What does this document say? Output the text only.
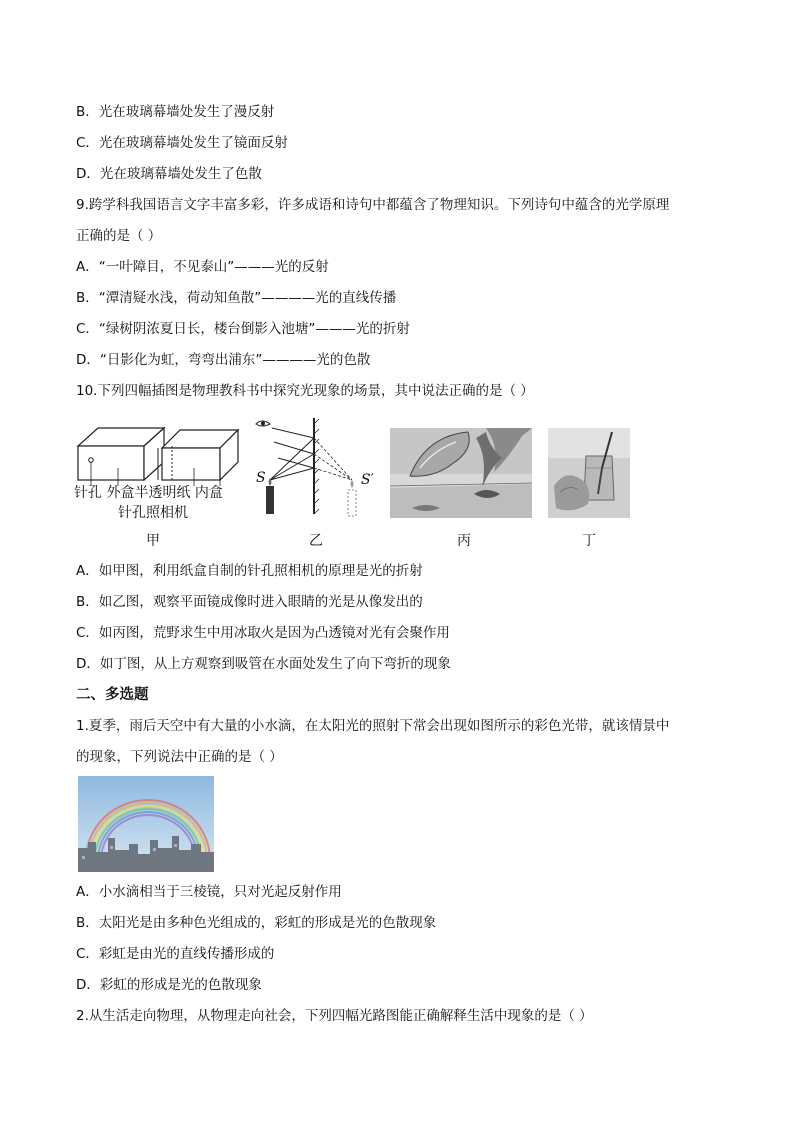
B．光在玻璃幕墙处发生了漫反射
C．光在玻璃幕墙处发生了镜面反射
D．光在玻璃幕墙处发生了色散
9.跨学科我国语言文字丰富多彩，许多成语和诗句中都蕴含了物理知识。下列诗句中蕴含的光学原理
正确的是（ ）
A．“一叶障目，不见泰山”———光的反射
B．“潭清疑水浅，荷动知鱼散”————光的直线传播
C．“绿树阴浓夏日长，楼台倒影入池塘”———光的折射
D．“日影化为虹，弯弯出浦东”————光的色散
10.下列四幅插图是物理教科书中探究光现象的场景，其中说法正确的是（ ）
针孔 外盒半透明纸 内盒
针孔照相机
S	S′
甲	乙	丙	丁
A．如甲图，利用纸盒自制的针孔照相机的原理是光的折射
B．如乙图，观察平面镜成像时进入眼睛的光是从像发出的
C．如丙图，荒野求生中用冰取火是因为凸透镜对光有会聚作用
D．如丁图，从上方观察到吸管在水面处发生了向下弯折的现象
二、多选题
1.夏季，雨后天空中有大量的小水滴，在太阳光的照射下常会出现如图所示的彩色光带，就该情景中
的现象，下列说法中正确的是（ ）
A．小水滴相当于三棱镜，只对光起反射作用
B．太阳光是由多种色光组成的，彩虹的形成是光的色散现象
C．彩虹是由光的直线传播形成的
D．彩虹的形成是光的色散现象
2.从生活走向物理，从物理走向社会，下列四幅光路图能正确解释生活中现象的是（ ）
